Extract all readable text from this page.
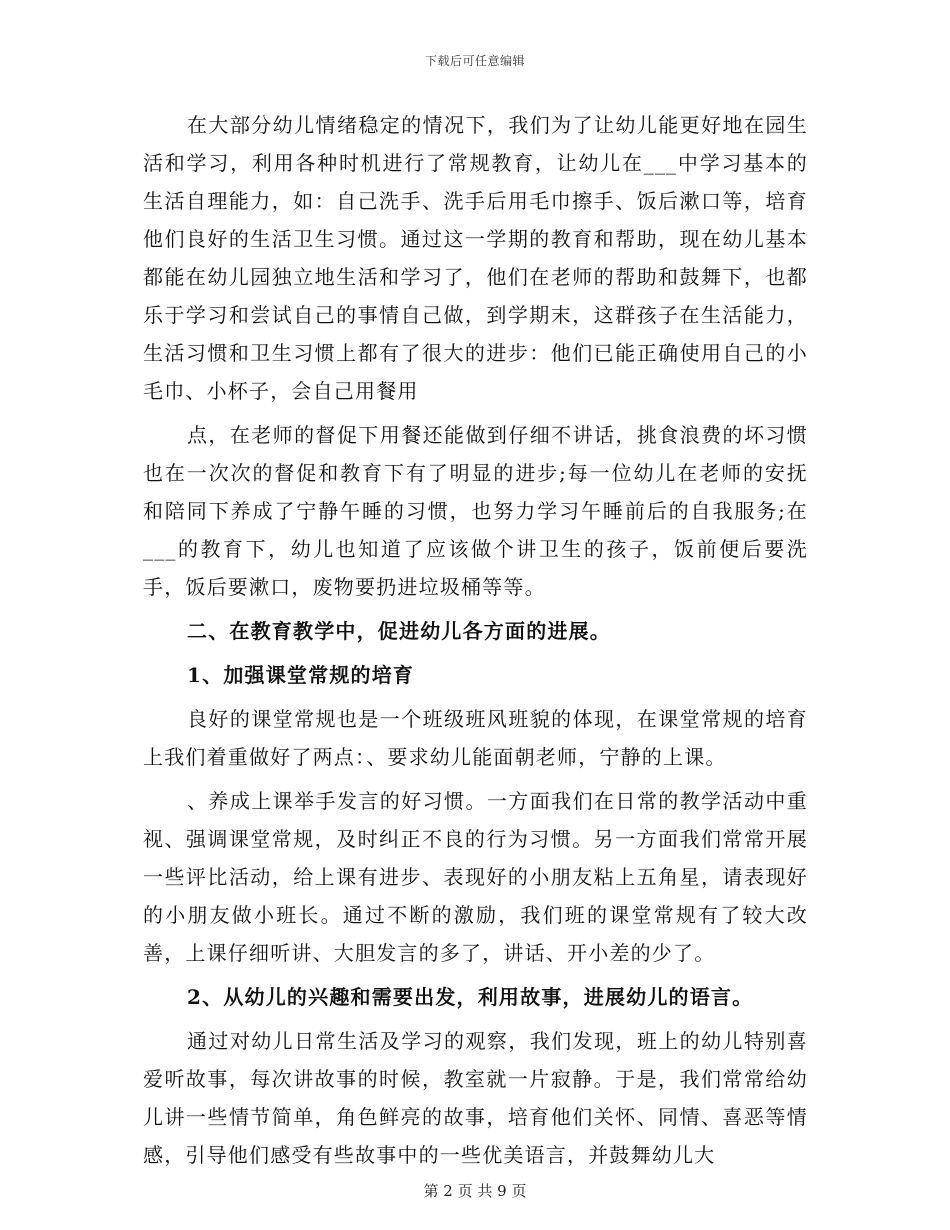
下载后可任意编辑

在大部分幼儿情绪稳定的情况下，我们为了让幼儿能更好地在园生活和学习，利用各种时机进行了常规教育，让幼儿在___中学习基本的生活自理能力，如：自己洗手、洗手后用毛巾擦手、饭后漱口等，培育他们良好的生活卫生习惯。通过这一学期的教育和帮助，现在幼儿基本都能在幼儿园独立地生活和学习了，他们在老师的帮助和鼓舞下，也都乐于学习和尝试自己的事情自己做，到学期末，这群孩子在生活能力，生活习惯和卫生习惯上都有了很大的进步：他们已能正确使用自己的小毛巾、小杯子，会自己用餐用

点，在老师的督促下用餐还能做到仔细不讲话，挑食浪费的坏习惯也在一次次的督促和教育下有了明显的进步;每一位幼儿在老师的安抚和陪同下养成了宁静午睡的习惯，也努力学习午睡前后的自我服务;在___的教育下，幼儿也知道了应该做个讲卫生的孩子，饭前便后要洗手，饭后要漱口，废物要扔进垃圾桶等等。

二、在教育教学中，促进幼儿各方面的进展。
1、加强课堂常规的培育

良好的课堂常规也是一个班级班风班貌的体现，在课堂常规的培育上我们着重做好了两点：、要求幼儿能面朝老师，宁静的上课。

、养成上课举手发言的好习惯。一方面我们在日常的教学活动中重视、强调课堂常规，及时纠正不良的行为习惯。另一方面我们常常开展一些评比活动，给上课有进步、表现好的小朋友粘上五角星，请表现好的小朋友做小班长。通过不断的激励，我们班的课堂常规有了较大改善，上课仔细听讲、大胆发言的多了，讲话、开小差的少了。

2、从幼儿的兴趣和需要出发，利用故事，进展幼儿的语言。

通过对幼儿日常生活及学习的观察，我们发现，班上的幼儿特别喜爱听故事，每次讲故事的时候，教室就一片寂静。于是，我们常常给幼儿讲一些情节简单，角色鲜亮的故事，培育他们关怀、同情、喜恶等情感，引导他们感受有些故事中的一些优美语言，并鼓舞幼儿大

第 2 页 共 9 页
